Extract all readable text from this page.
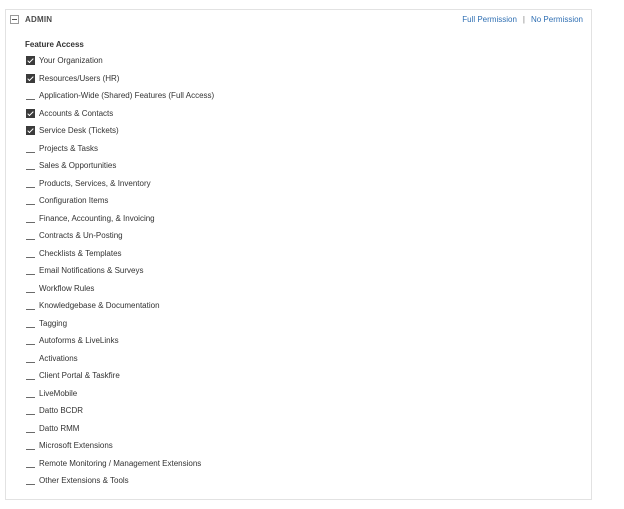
ADMIN	Full Permission | No Permission
Feature Access
Your Organization
Resources/Users (HR)
Application-Wide (Shared) Features (Full Access)
Accounts & Contacts
Service Desk (Tickets)
Projects & Tasks
Sales & Opportunities
Products, Services, & Inventory
Configuration Items
Finance, Accounting, & Invoicing
Contracts & Un-Posting
Checklists & Templates
Email Notifications & Surveys
Workflow Rules
Knowledgebase & Documentation
Tagging
Autoforms & LiveLinks
Activations
Client Portal & Taskfire
LiveMobile
Datto BCDR
Datto RMM
Microsoft Extensions
Remote Monitoring / Management Extensions
Other Extensions & Tools
